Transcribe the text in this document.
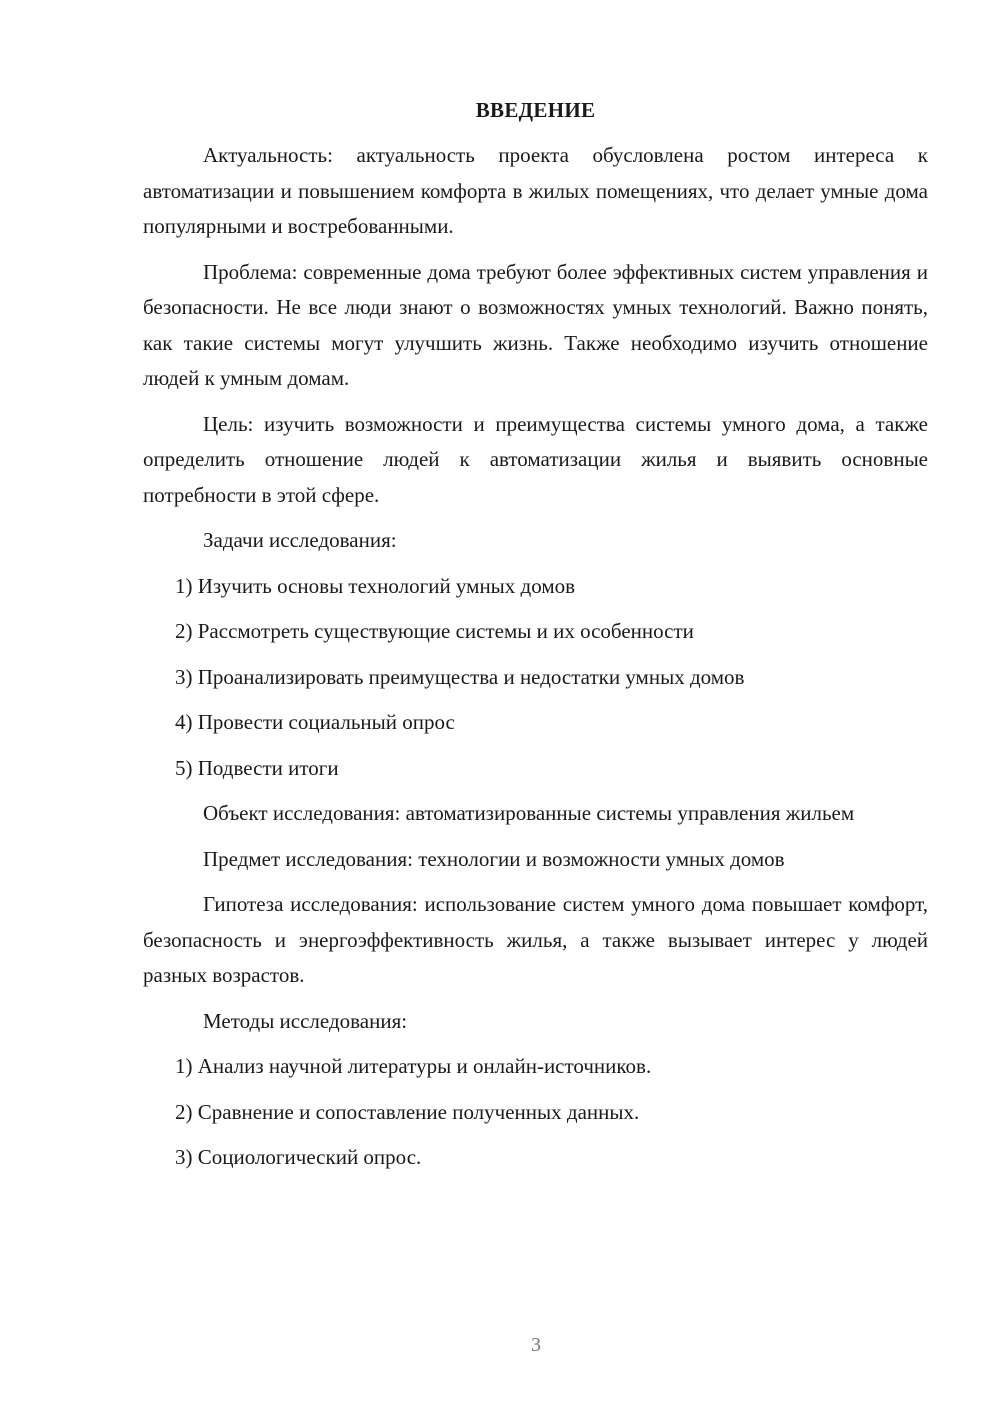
ВВЕДЕНИЕ

Актуальность: актуальность проекта обусловлена ростом интереса к автоматизации и повышением комфорта в жилых помещениях, что делает умные дома популярными и востребованными.

Проблема: современные дома требуют более эффективных систем управления и безопасности. Не все люди знают о возможностях умных технологий. Важно понять, как такие системы могут улучшить жизнь. Также необходимо изучить отношение людей к умным домам.

Цель: изучить возможности и преимущества системы умного дома, а также определить отношение людей к автоматизации жилья и выявить основные потребности в этой сфере.

Задачи исследования:

1) Изучить основы технологий умных домов

2) Рассмотреть существующие системы и их особенности

3) Проанализировать преимущества и недостатки умных домов

4) Провести социальный опрос

5) Подвести итоги

Объект исследования: автоматизированные системы управления жильем

Предмет исследования: технологии и возможности умных домов

Гипотеза исследования: использование систем умного дома повышает комфорт, безопасность и энергоэффективность жилья, а также вызывает интерес у людей разных возрастов.

Методы исследования:

1) Анализ научной литературы и онлайн-источников.

2) Сравнение и сопоставление полученных данных.

3) Социологический опрос.

3
